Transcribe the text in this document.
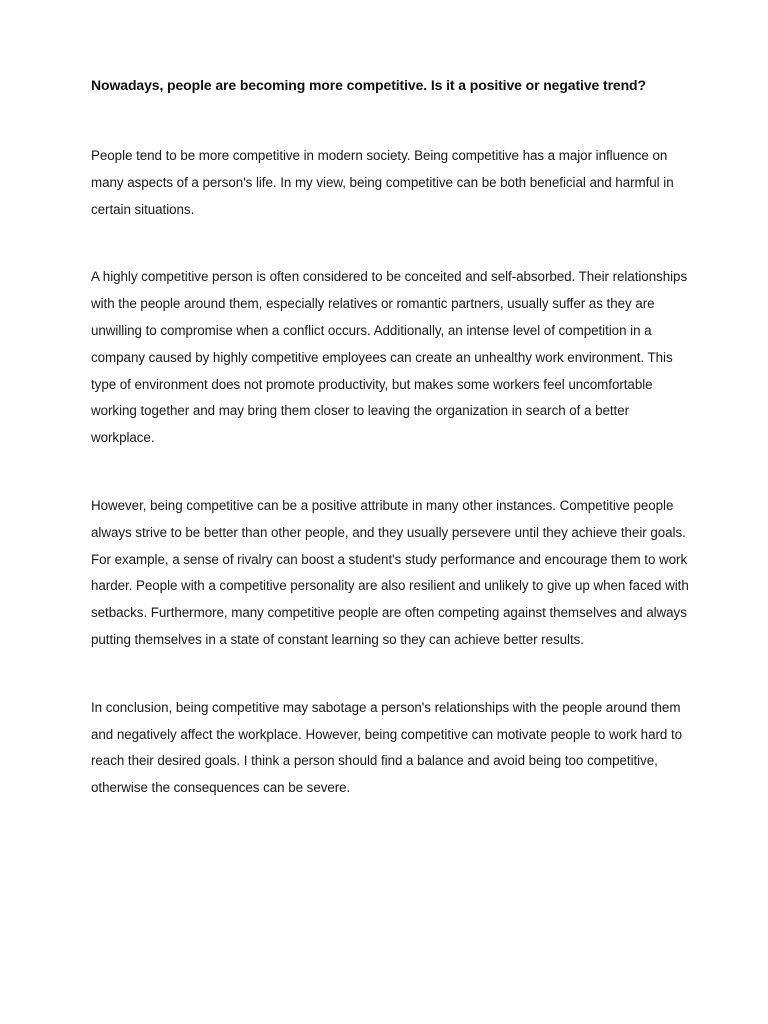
Nowadays, people are becoming more competitive. Is it a positive or negative trend?

People tend to be more competitive in modern society. Being competitive has a major influence on many aspects of a person's life. In my view, being competitive can be both beneficial and harmful in certain situations.

A highly competitive person is often considered to be conceited and self-absorbed. Their relationships with the people around them, especially relatives or romantic partners, usually suffer as they are unwilling to compromise when a conflict occurs. Additionally, an intense level of competition in a company caused by highly competitive employees can create an unhealthy work environment. This type of environment does not promote productivity, but makes some workers feel uncomfortable working together and may bring them closer to leaving the organization in search of a better workplace.

However, being competitive can be a positive attribute in many other instances. Competitive people always strive to be better than other people, and they usually persevere until they achieve their goals. For example, a sense of rivalry can boost a student's study performance and encourage them to work harder. People with a competitive personality are also resilient and unlikely to give up when faced with setbacks. Furthermore, many competitive people are often competing against themselves and always putting themselves in a state of constant learning so they can achieve better results.

In conclusion, being competitive may sabotage a person's relationships with the people around them and negatively affect the workplace. However, being competitive can motivate people to work hard to reach their desired goals. I think a person should find a balance and avoid being too competitive, otherwise the consequences can be severe.
